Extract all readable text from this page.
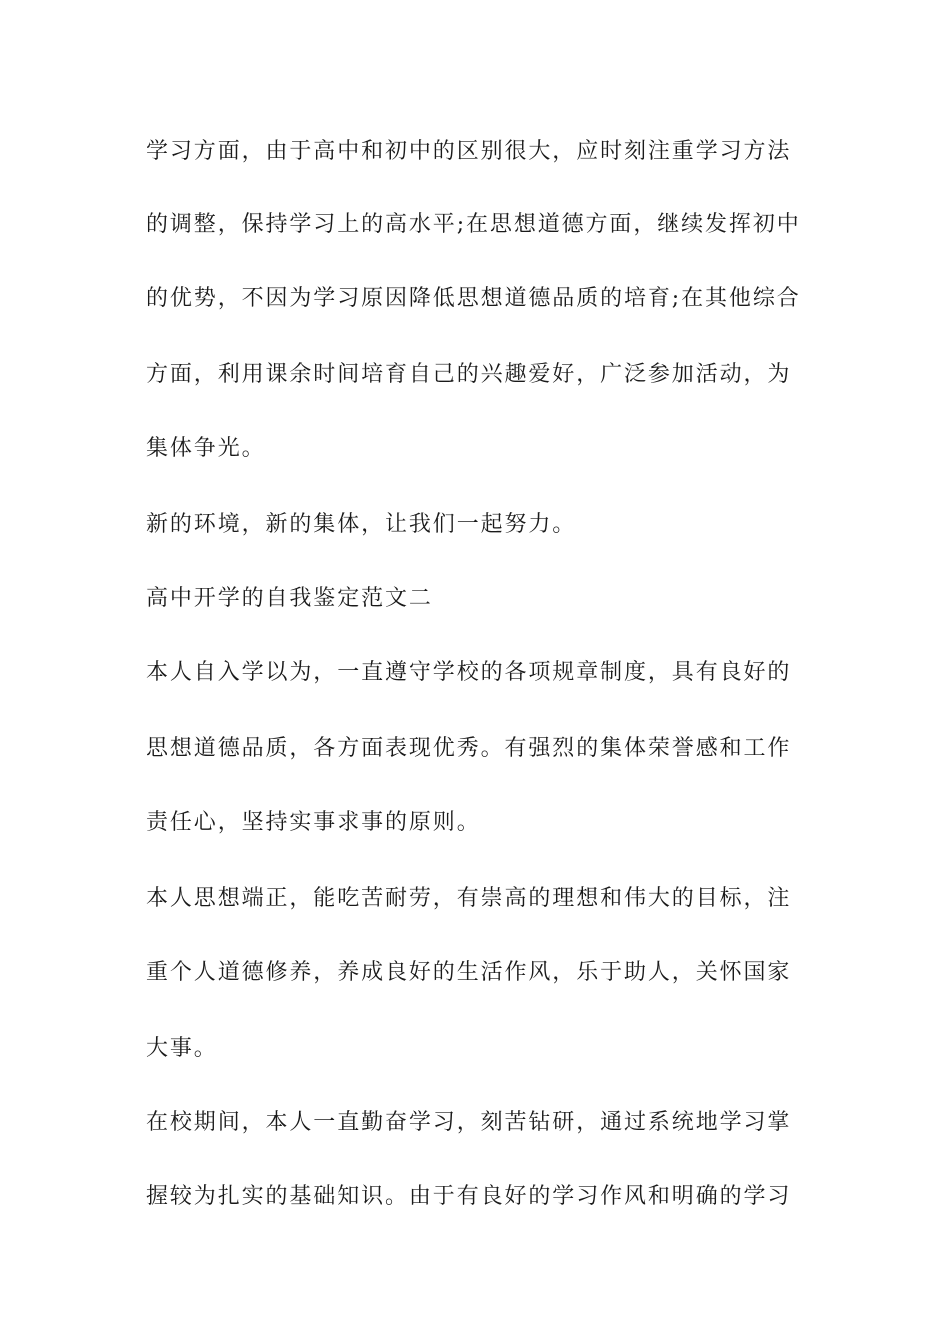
学习方面，由于高中和初中的区别很大，应时刻注重学习方法
的调整，保持学习上的高水平;在思想道德方面，继续发挥初中
的优势，不因为学习原因降低思想道德品质的培育;在其他综合
方面，利用课余时间培育自己的兴趣爱好，广泛参加活动，为
集体争光。
新的环境，新的集体，让我们一起努力。
高中开学的自我鉴定范文二
本人自入学以为，一直遵守学校的各项规章制度，具有良好的
思想道德品质，各方面表现优秀。有强烈的集体荣誉感和工作
责任心，坚持实事求事的原则。
本人思想端正，能吃苦耐劳，有崇高的理想和伟大的目标，注
重个人道德修养，养成良好的生活作风，乐于助人，关怀国家
大事。
在校期间，本人一直勤奋学习，刻苦钻研，通过系统地学习掌
握较为扎实的基础知识。由于有良好的学习作风和明确的学习
